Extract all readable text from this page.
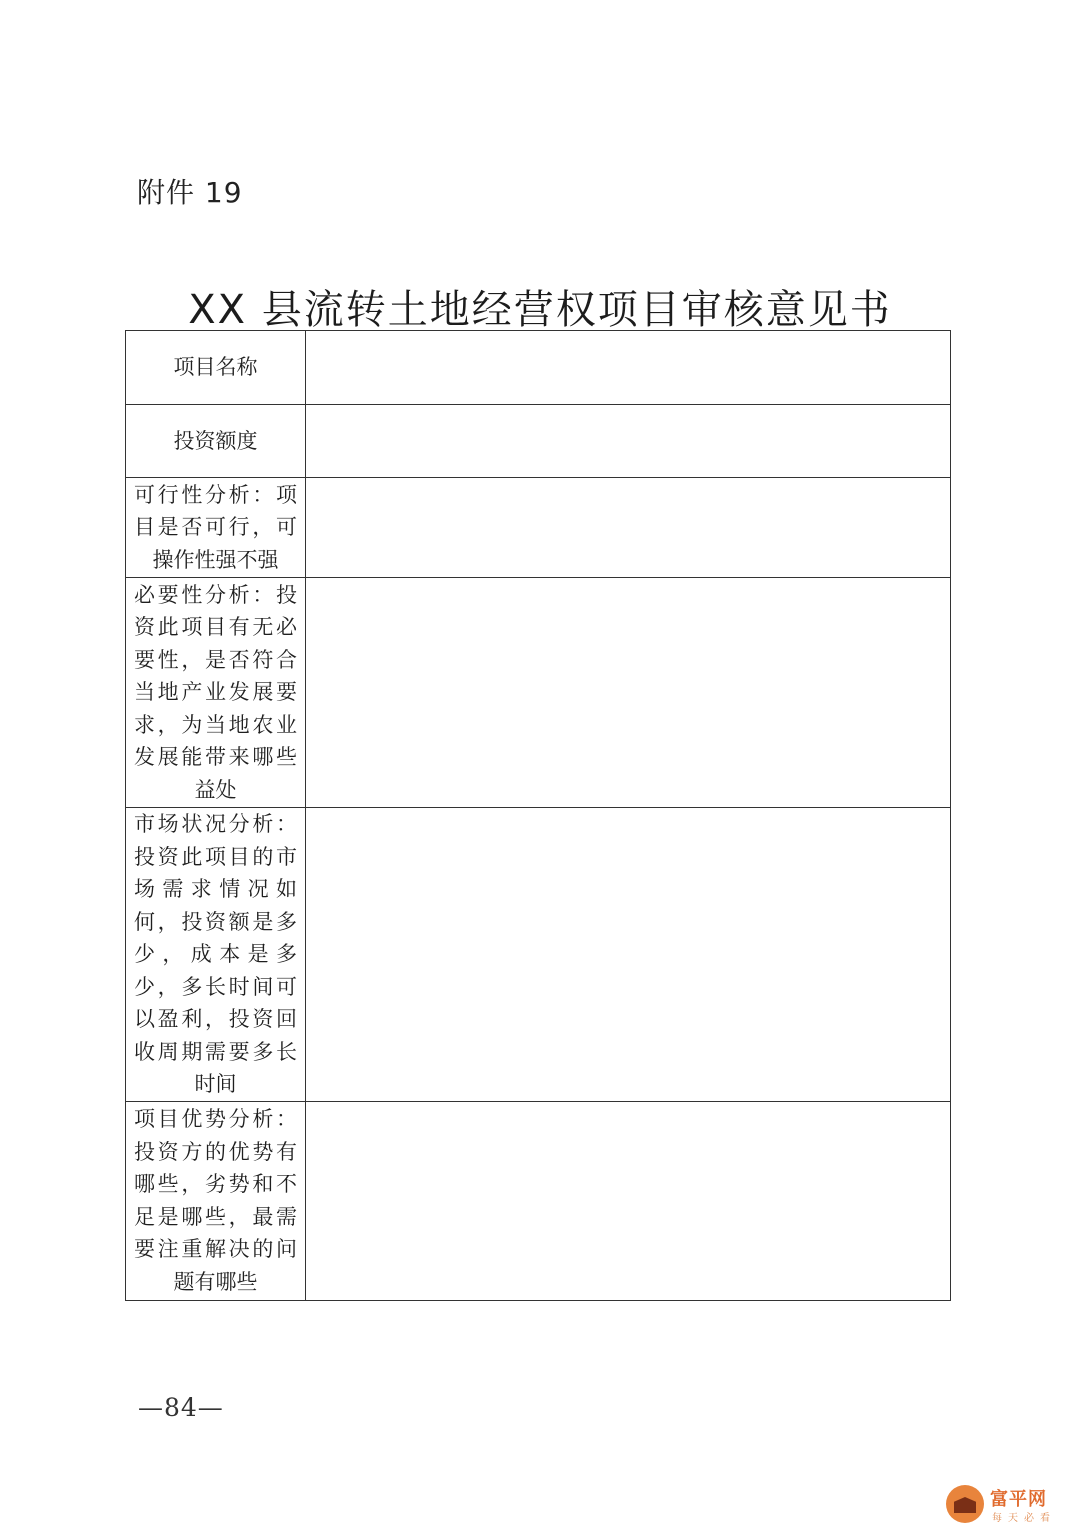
附件 19
XX 县流转土地经营权项目审核意见书
项目名称	
投资额度	
可行性分析：项目是否可行，可操作性强不强	
必要性分析：投资此项目有无必要性，是否符合当地产业发展要求，为当地农业发展能带来哪些益处	
市场状况分析：投资此项目的市场需求情况如何，投资额是多少，成本是多少，多长时间可以盈利，投资回收周期需要多长时间	
项目优势分析：投资方的优势有哪些，劣势和不足是哪些，最需要注重解决的问题有哪些	
—84—
富平网
每天必看
